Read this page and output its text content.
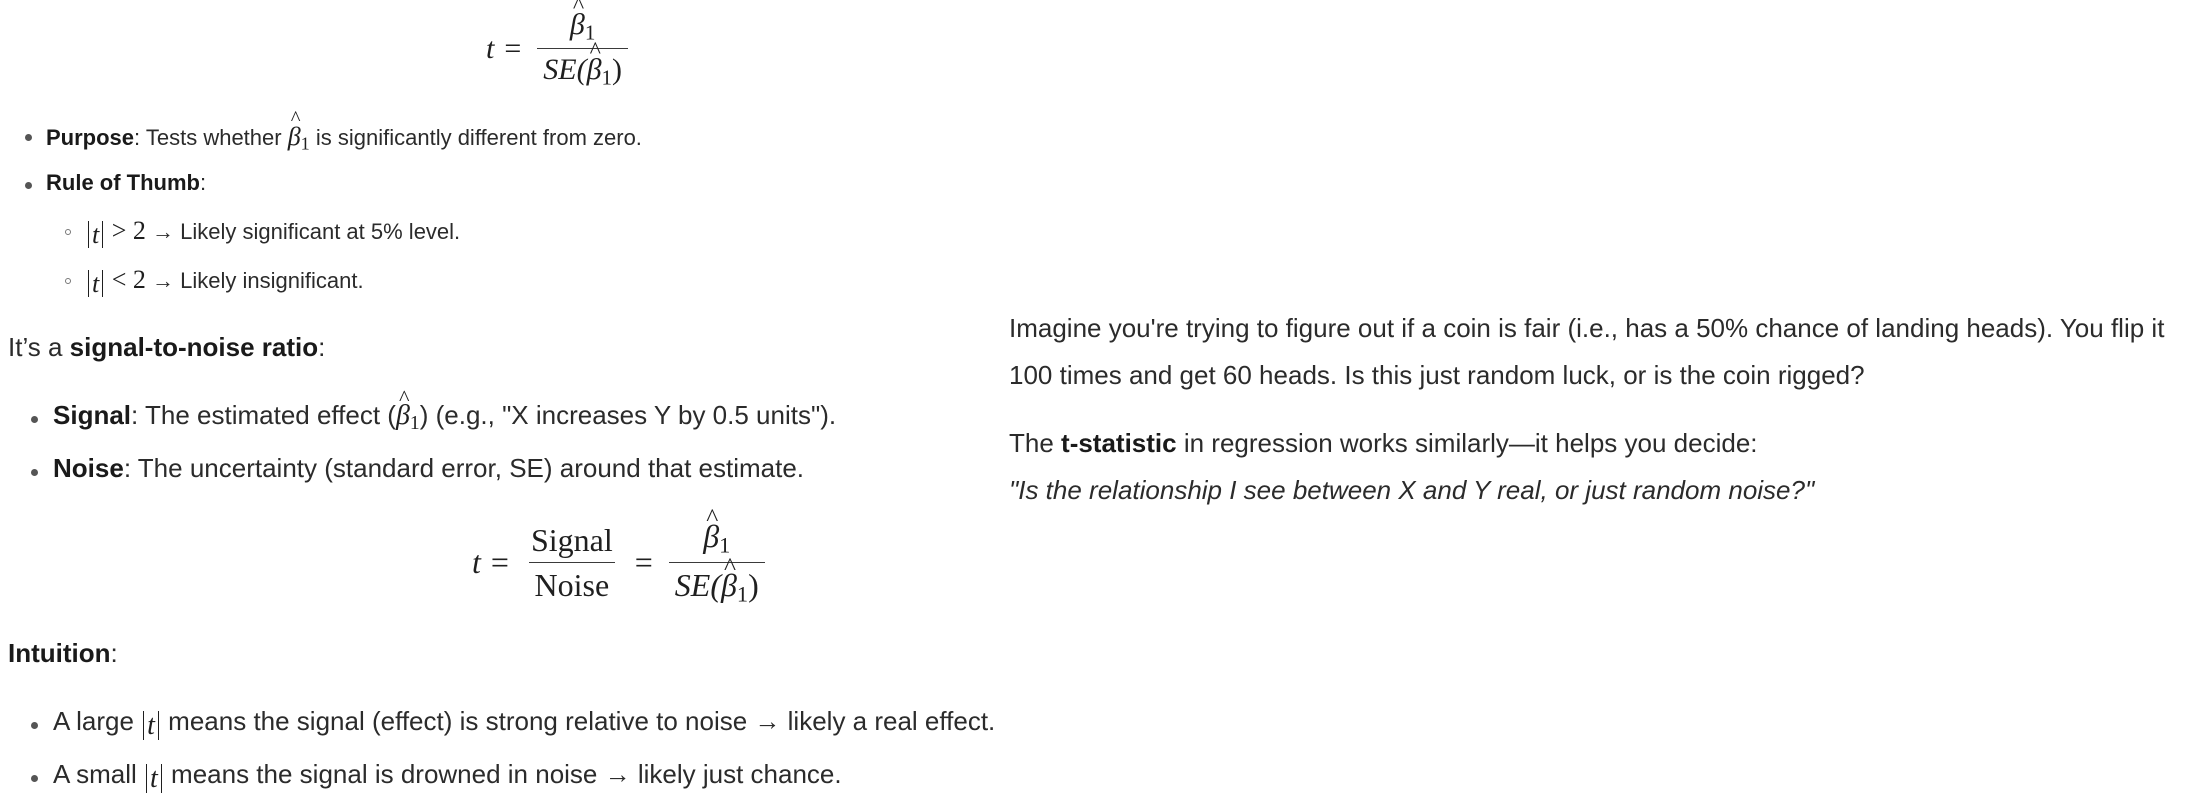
t = ^ $\frac{\beta_1}{SE(\^{} \beta_1)}$
Purpose: Tests whether ^ $\beta_1$ is significantly different from zero.
Rule of Thumb:
t > 2 → Likely significant at 5% level.
t < 2 → Likely insignificant.
It’s a signal-to-noise ratio:
Signal: The estimated effect (^ $\beta_1$) (e.g., "X increases Y by 0.5 units").
Noise: The uncertainty (standard error, SE) around that estimate.
$t = \frac{\text{Signal}}{\text{Noise}}$ = ^ $\frac{\beta_1}{SE(\^{} \beta_1)}$
Intuition:
A large t means the signal (effect) is strong relative to noise → likely a real effect.
A small t means the signal is drowned in noise → likely just chance.
Imagine you're trying to figure out if a coin is fair (i.e., has a 50% chance of landing heads). You flip it
100 times and get 60 heads. Is this just random luck, or is the coin rigged?
The t-statistic in regression works similarly—it helps you decide:
"Is the relationship I see between X and Y real, or just random noise?"
